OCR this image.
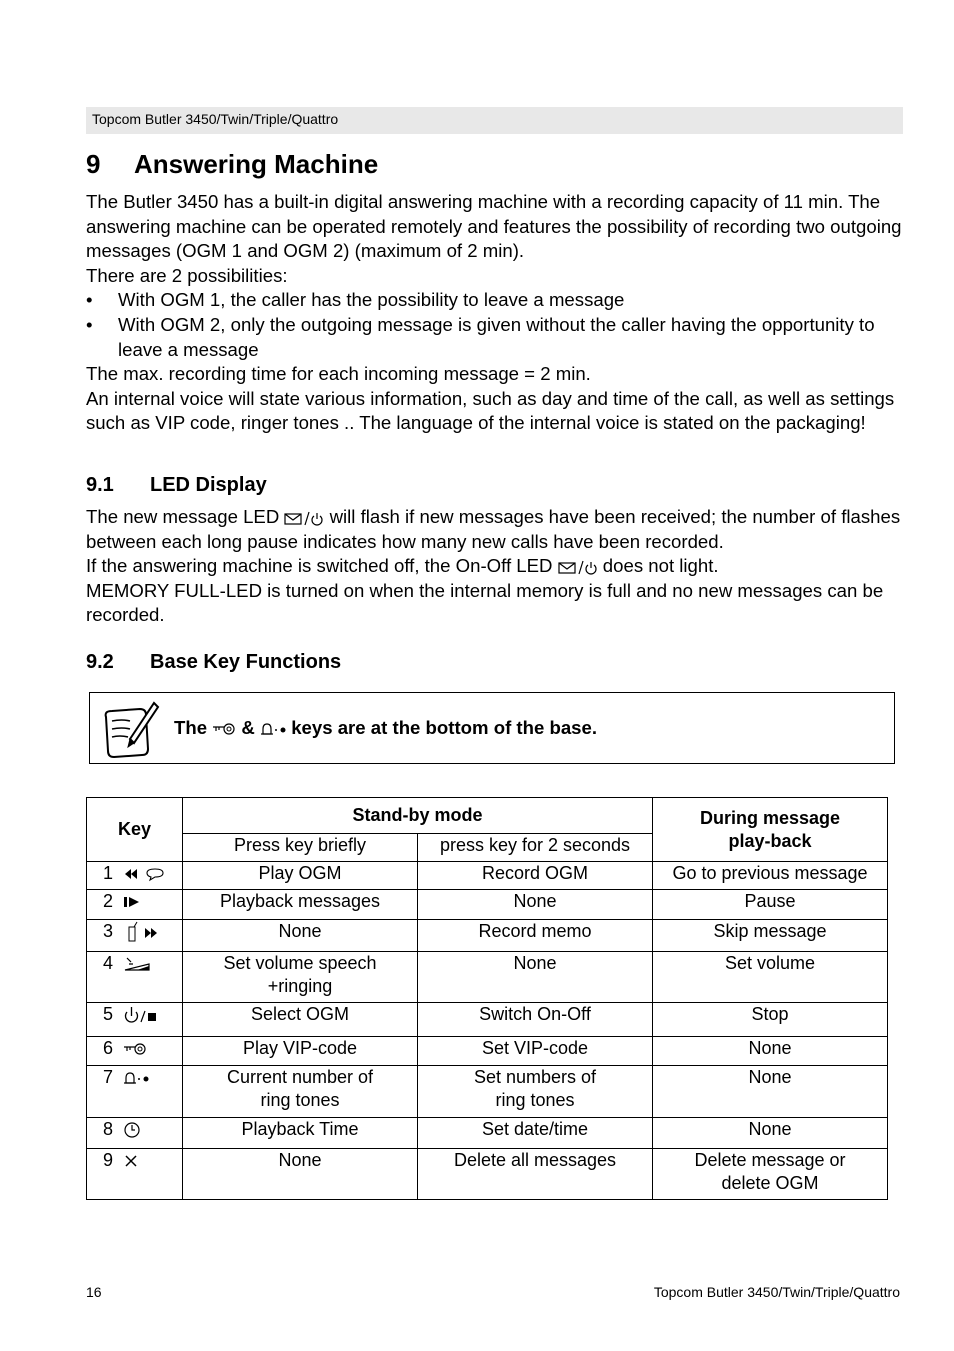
Topcom Butler 3450/Twin/Triple/Quattro
9 Answering Machine

The Butler 3450 has a built-in digital answering machine with a recording capacity of 11 min. The answering machine can be operated remotely and features the possibility of recording two outgoing messages (OGM 1 and OGM 2) (maximum of 2 min).

There are 2 possibilities:

• With OGM 1, the caller has the possibility to leave a message
• With OGM 2, only the outgoing message is given without the caller having the opportunity to leave a message

The max. recording time for each incoming message = 2 min.

An internal voice will state various information, such as day and time of the call, as well as settings such as VIP code, ringer tones .. The language of the internal voice is stated on the packaging!

9.1 LED Display

The new message LED	will flash if new messages have been received; the number of flashes between each long pause indicates how many new calls have been recorded.

If the answering machine is switched off, the On-Off LED	does not light.

MEMORY FULL-LED is turned on when the internal memory is full and no new messages can be recorded.

9.2 Base Key Functions
The & keys are at the bottom of the base.
Key	Stand-by mode		During message play-back
	Press key briefly	press key for 2 seconds	
1	Play OGM	Record OGM	Go to previous message
2	Playback messages	None	Pause
3	None	Record memo	Skip message
4	Set volume speech +ringing	None	Set volume
5	Select OGM	Switch On-Off	Stop
6	Play VIP-code	Set VIP-code	None
7	Current number of ring tones	Set numbers of ring tones	None
8	Playback Time	Set date/time	None
9	None	Delete all messages	Delete message or delete OGM
16	Topcom Butler 3450/Twin/Triple/Quattro
